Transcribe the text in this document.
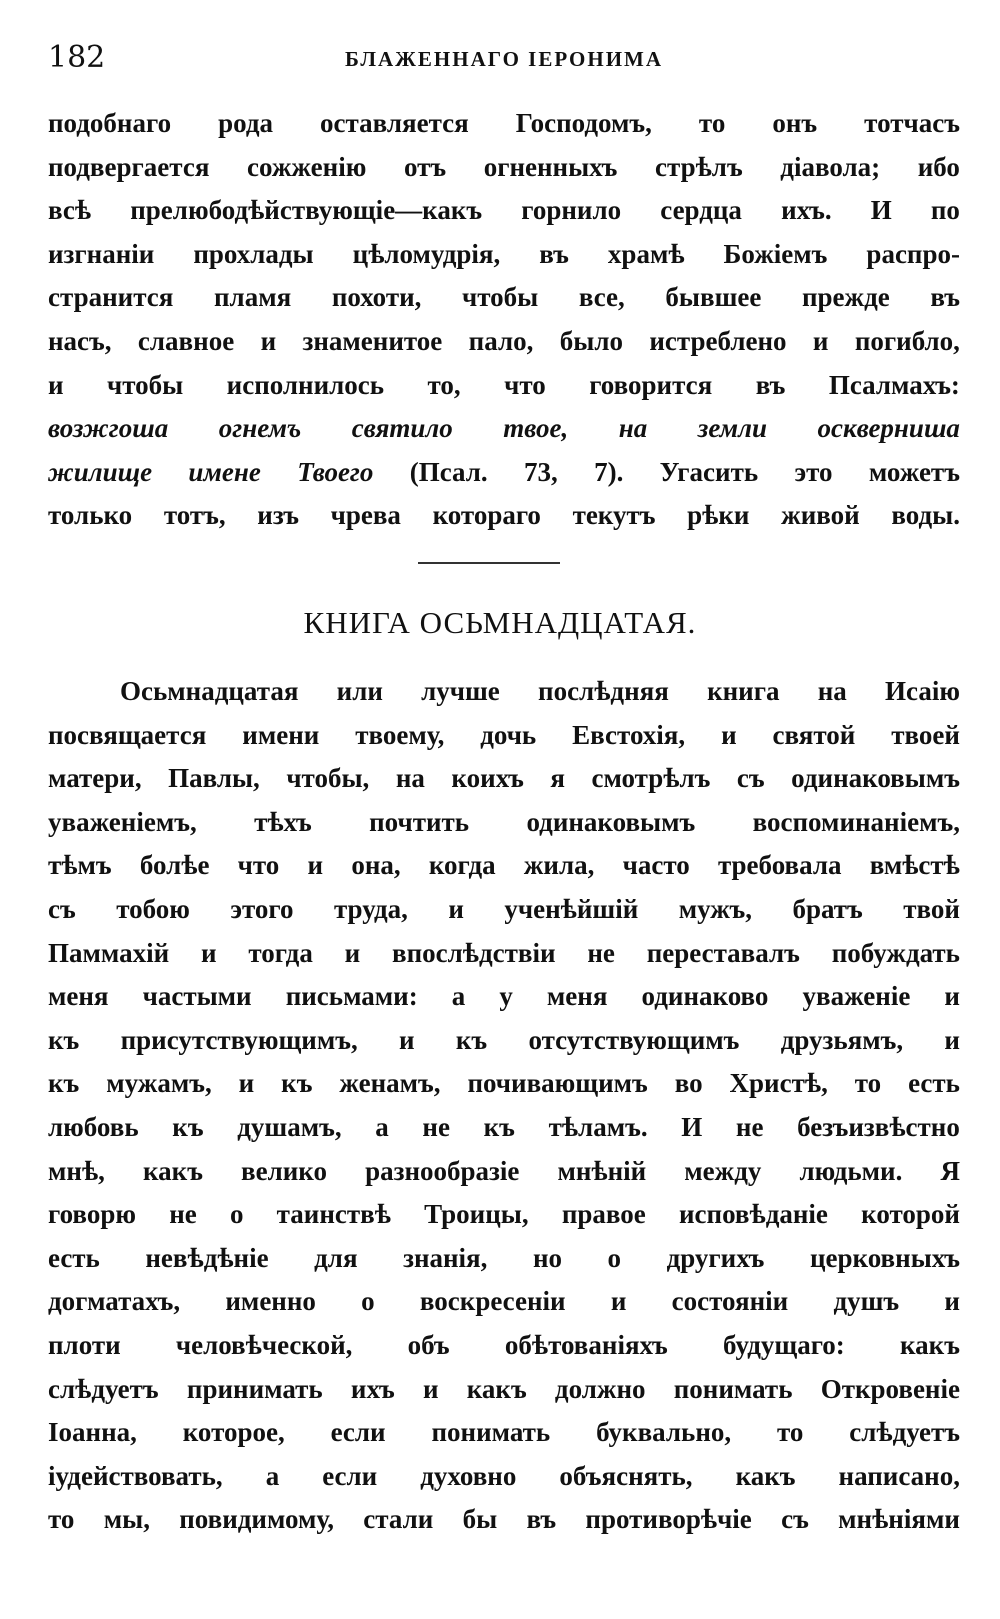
182	БЛАЖЕННАГО ІЕРОНИМА
подобнаго рода оставляется Господомъ, то онъ тотчасъ
подвергается сожженію отъ огненныхъ стрѣлъ діавола; ибо
всѣ прелюбодѣйствующіе—какъ горнило сердца ихъ. И по
изгнаніи прохлады цѣломудрія, въ храмѣ Божіемъ распро-
странится пламя похоти, чтобы все, бывшее прежде въ
насъ, славное и знаменитое пало, было истреблено и погибло,
и чтобы исполнилось то, что говорится въ Псалмахъ:
возжгоша огнемъ святило твое, на земли оскверниша
жилище имене Твоего (Псал. 73, 7). Угасить это можетъ
только тотъ, изъ чрева котораго текутъ рѣки живой воды.
КНИГА ОСЬМНАДЦАТАЯ.
Осьмнадцатая или лучше послѣдняя книга на Исаію
посвящается имени твоему, дочь Евстохія, и святой твоей
матери, Павлы, чтобы, на коихъ я смотрѣлъ съ одинаковымъ
уваженіемъ, тѣхъ почтить одинаковымъ воспоминаніемъ,
тѣмъ болѣе что и она, когда жила, часто требовала вмѣстѣ
съ тобою этого труда, и ученѣйшій мужъ, братъ твой
Паммахій и тогда и впослѣдствіи не переставалъ побуждать
меня частыми письмами: а у меня одинаково уваженіе и
къ присутствующимъ, и къ отсутствующимъ друзьямъ, и
къ мужамъ, и къ женамъ, почивающимъ во Христѣ, то есть
любовь къ душамъ, а не къ тѣламъ. И не безъизвѣстно
мнѣ, какъ велико разнообразіе мнѣній между людьми. Я
говорю не о таинствѣ Троицы, правое исповѣданіе которой
есть невѣдѣніе для знанія, но о другихъ церковныхъ
догматахъ, именно о воскресеніи и состояніи душъ и
плоти человѣческой, объ обѣтованіяхъ будущаго: какъ
слѣдуетъ принимать ихъ и какъ должно понимать Откровеніе
Іоанна, которое, если понимать буквально, то слѣдуетъ
іудействовать, а если духовно объяснять, какъ написано,
то мы, повидимому, стали бы въ противорѣчіе съ мнѣніями
